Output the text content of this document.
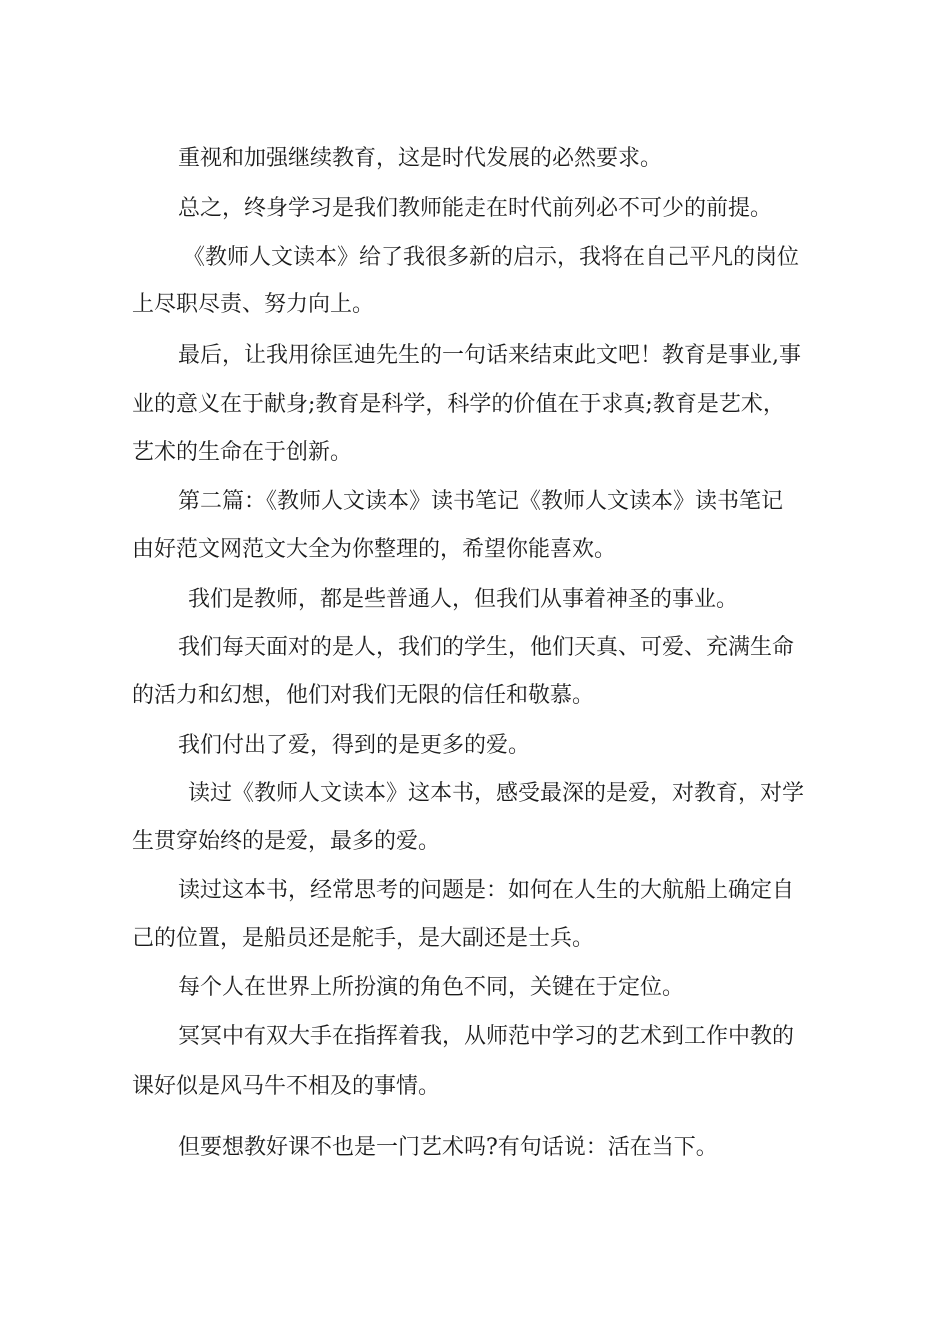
重视和加强继续教育，这是时代发展的必然要求。
总之，终身学习是我们教师能走在时代前列必不可少的前提。
《教师人文读本》给了我很多新的启示，我将在自己平凡的岗位
上尽职尽责、努力向上。
最后，让我用徐匡迪先生的一句话来结束此文吧！教育是事业,事
业的意义在于献身;教育是科学，科学的价值在于求真;教育是艺术，
艺术的生命在于创新。
第二篇：《教师人文读本》读书笔记《教师人文读本》读书笔记
由好范文网范文大全为你整理的，希望你能喜欢。
我们是教师，都是些普通人，但我们从事着神圣的事业。
我们每天面对的是人，我们的学生，他们天真、可爱、充满生命
的活力和幻想，他们对我们无限的信任和敬慕。
我们付出了爱，得到的是更多的爱。
读过《教师人文读本》这本书，感受最深的是爱，对教育，对学
生贯穿始终的是爱，最多的爱。
读过这本书，经常思考的问题是：如何在人生的大航船上确定自
己的位置，是船员还是舵手，是大副还是士兵。
每个人在世界上所扮演的角色不同，关键在于定位。
冥冥中有双大手在指挥着我，从师范中学习的艺术到工作中教的
课好似是风马牛不相及的事情。
但要想教好课不也是一门艺术吗?有句话说：活在当下。
